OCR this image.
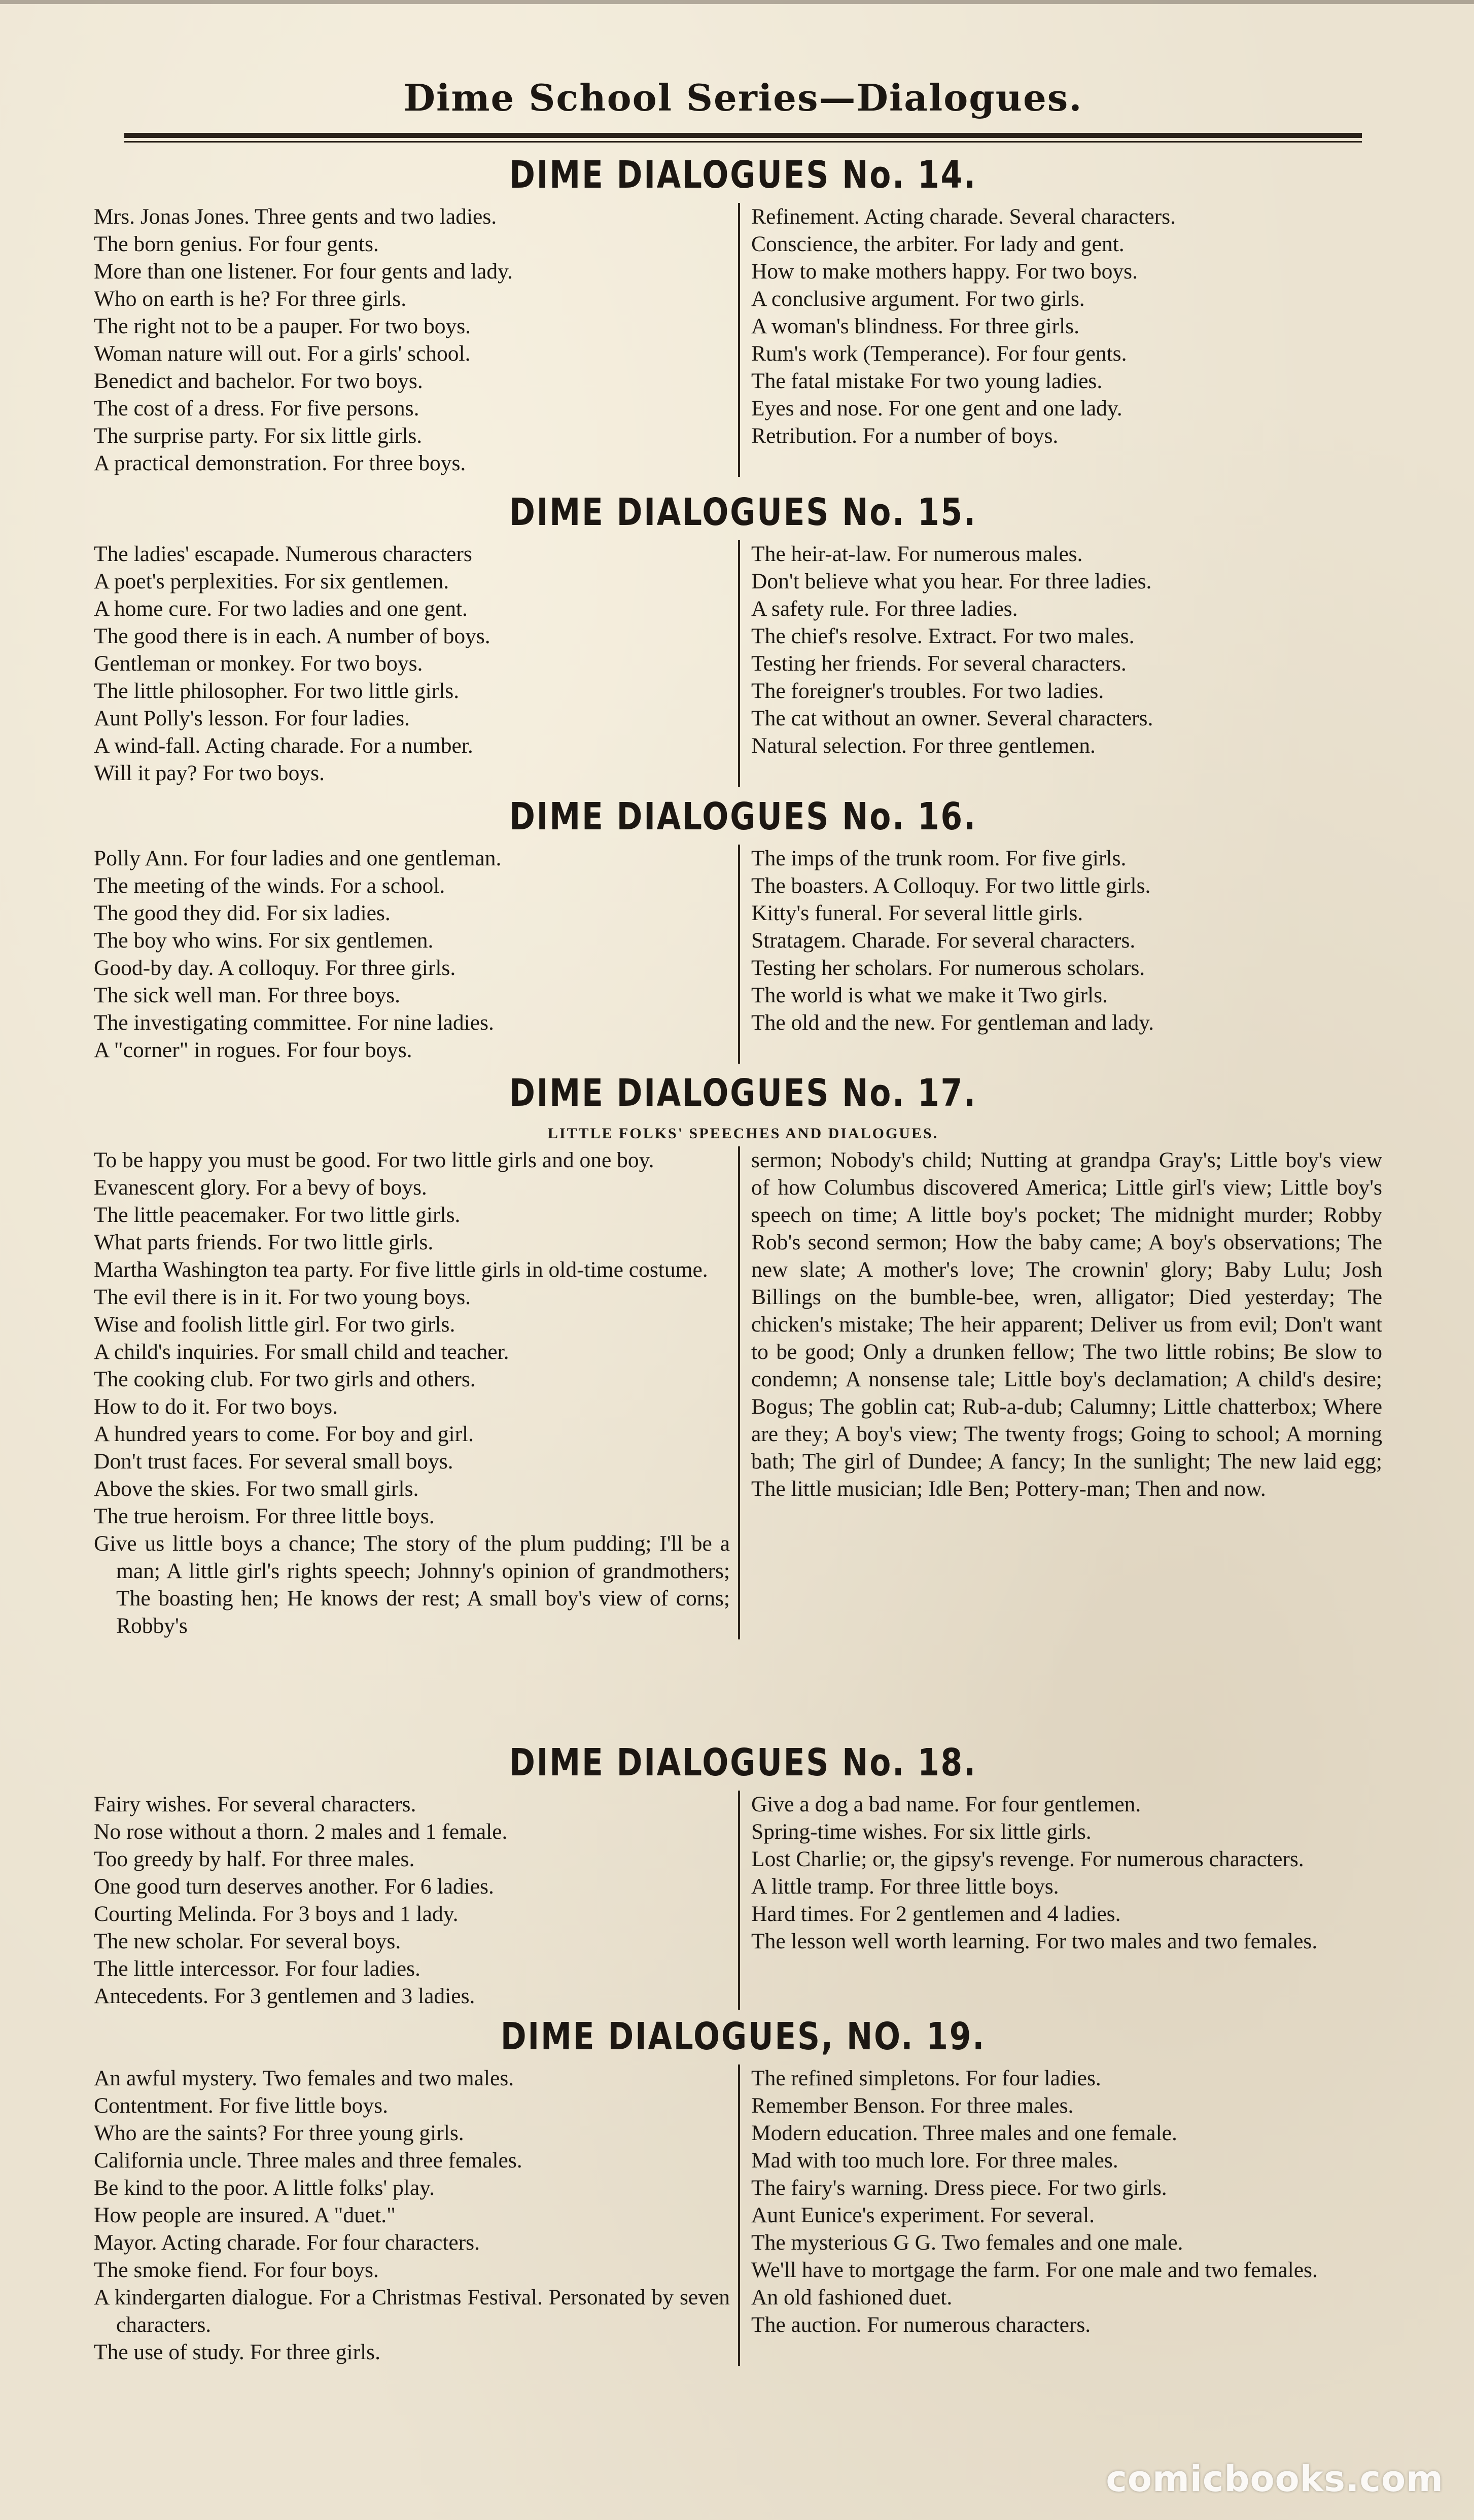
Dime School Series—Dialogues.
DIME DIALOGUES No. 14.
Mrs. Jonas Jones. Three gents and two ladies.
The born genius. For four gents.
More than one listener. For four gents and lady.
Who on earth is he? For three girls.
The right not to be a pauper. For two boys.
Woman nature will out. For a girls' school.
Benedict and bachelor. For two boys.
The cost of a dress. For five persons.
The surprise party. For six little girls.
A practical demonstration. For three boys.
Refinement. Acting charade. Several characters.
Conscience, the arbiter. For lady and gent.
How to make mothers happy. For two boys.
A conclusive argument. For two girls.
A woman's blindness. For three girls.
Rum's work (Temperance). For four gents.
The fatal mistake For two young ladies.
Eyes and nose. For one gent and one lady.
Retribution. For a number of boys.
DIME DIALOGUES No. 15.
The ladies' escapade. Numerous characters
A poet's perplexities. For six gentlemen.
A home cure. For two ladies and one gent.
The good there is in each. A number of boys.
Gentleman or monkey. For two boys.
The little philosopher. For two little girls.
Aunt Polly's lesson. For four ladies.
A wind-fall. Acting charade. For a number.
Will it pay? For two boys.
The heir-at-law. For numerous males.
Don't believe what you hear. For three ladies.
A safety rule. For three ladies.
The chief's resolve. Extract. For two males.
Testing her friends. For several characters.
The foreigner's troubles. For two ladies.
The cat without an owner. Several characters.
Natural selection. For three gentlemen.
DIME DIALOGUES No. 16.
Polly Ann. For four ladies and one gentleman.
The meeting of the winds. For a school.
The good they did. For six ladies.
The boy who wins. For six gentlemen.
Good-by day. A colloquy. For three girls.
The sick well man. For three boys.
The investigating committee. For nine ladies.
A "corner" in rogues. For four boys.
The imps of the trunk room. For five girls.
The boasters. A Colloquy. For two little girls.
Kitty's funeral. For several little girls.
Stratagem. Charade. For several characters.
Testing her scholars. For numerous scholars.
The world is what we make it Two girls.
The old and the new. For gentleman and lady.
DIME DIALOGUES No. 17.
LITTLE FOLKS' SPEECHES AND DIALOGUES.
To be happy you must be good. For two little girls and one boy.
Evanescent glory. For a bevy of boys.
The little peacemaker. For two little girls.
What parts friends. For two little girls.
Martha Washington tea party. For five little girls in old-time costume.
The evil there is in it. For two young boys.
Wise and foolish little girl. For two girls.
A child's inquiries. For small child and teacher.
The cooking club. For two girls and others.
How to do it. For two boys.
A hundred years to come. For boy and girl.
Don't trust faces. For several small boys.
Above the skies. For two small girls.
The true heroism. For three little boys.
Give us little boys a chance; The story of the plum pudding; I'll be a man; A little girl's rights speech; Johnny's opinion of grandmothers; The boasting hen; He knows der rest; A small boy's view of corns; Robby's
sermon; Nobody's child; Nutting at grandpa Gray's; Little boy's view of how Columbus discovered America; Little girl's view; Little boy's speech on time; A little boy's pocket; The midnight murder; Robby Rob's second sermon; How the baby came; A boy's observations; The new slate; A mother's love; The crownin' glory; Baby Lulu; Josh Billings on the bumble-bee, wren, alligator; Died yesterday; The chicken's mistake; The heir apparent; Deliver us from evil; Don't want to be good; Only a drunken fellow; The two little robins; Be slow to condemn; A nonsense tale; Little boy's declamation; A child's desire; Bogus; The goblin cat; Rub-a-dub; Calumny; Little chatterbox; Where are they; A boy's view; The twenty frogs; Going to school; A morning bath; The girl of Dundee; A fancy; In the sunlight; The new laid egg; The little musician; Idle Ben; Pottery-man; Then and now.
DIME DIALOGUES No. 18.
Fairy wishes. For several characters.
No rose without a thorn. 2 males and 1 female.
Too greedy by half. For three males.
One good turn deserves another. For 6 ladies.
Courting Melinda. For 3 boys and 1 lady.
The new scholar. For several boys.
The little intercessor. For four ladies.
Antecedents. For 3 gentlemen and 3 ladies.
Give a dog a bad name. For four gentlemen.
Spring-time wishes. For six little girls.
Lost Charlie; or, the gipsy's revenge. For numerous characters.
A little tramp. For three little boys.
Hard times. For 2 gentlemen and 4 ladies.
The lesson well worth learning. For two males and two females.
DIME DIALOGUES, NO. 19.
An awful mystery. Two females and two males.
Contentment. For five little boys.
Who are the saints? For three young girls.
California uncle. Three males and three females.
Be kind to the poor. A little folks' play.
How people are insured. A "duet."
Mayor. Acting charade. For four characters.
The smoke fiend. For four boys.
A kindergarten dialogue. For a Christmas Festival. Personated by seven characters.
The use of study. For three girls.
The refined simpletons. For four ladies.
Remember Benson. For three males.
Modern education. Three males and one female.
Mad with too much lore. For three males.
The fairy's warning. Dress piece. For two girls.
Aunt Eunice's experiment. For several.
The mysterious G G. Two females and one male.
We'll have to mortgage the farm. For one male and two females.
An old fashioned duet.
The auction. For numerous characters.
comicbooks.com
